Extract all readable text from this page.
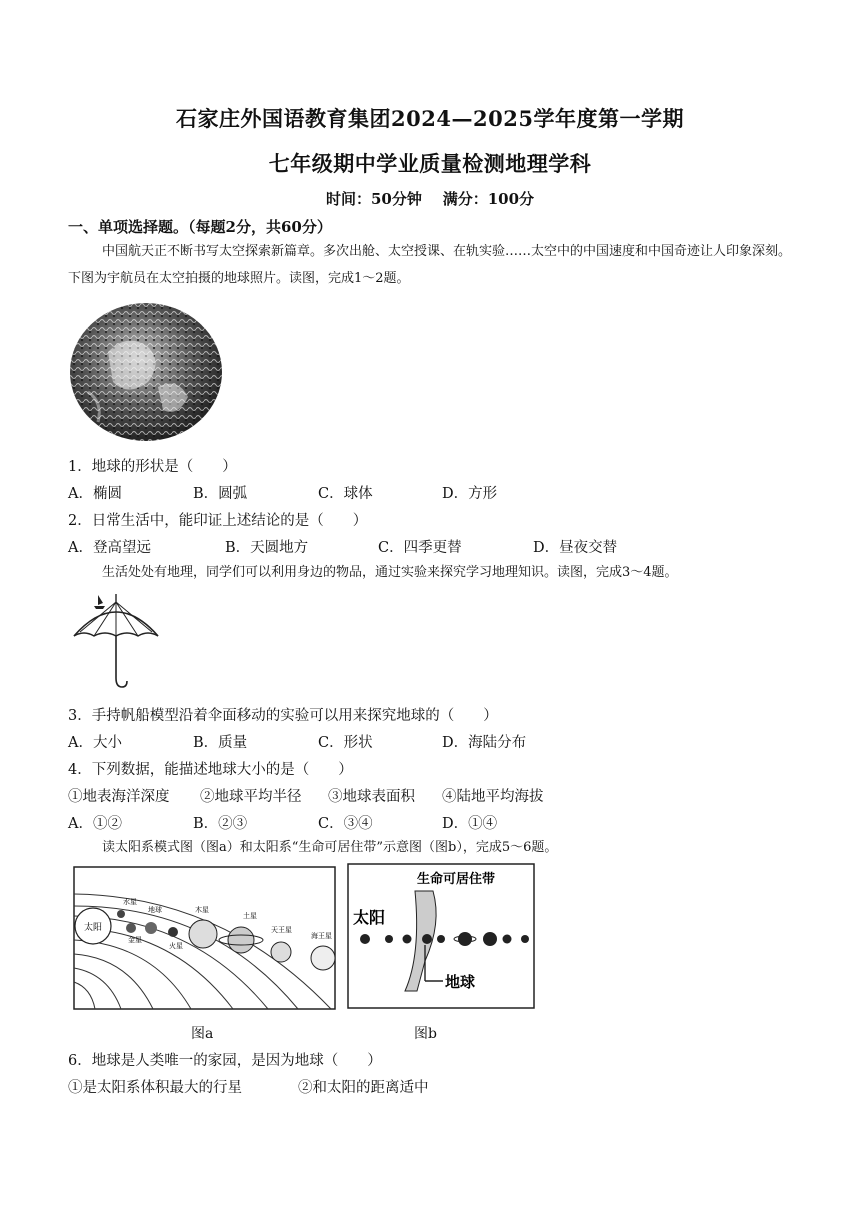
石家庄外国语教育集团2024—2025学年度第一学期
七年级期中学业质量检测地理学科
时间：50分钟    满分：100分
一、单项选择题。（每题2分，共60分）
中国航天正不断书写太空探索新篇章。多次出舱、太空授课、在轨实验……太空中的中国速度和中国奇迹让人印象深刻。下图为宇航员在太空拍摄的地球照片。读图，完成1～2题。
1．地球的形状是（　　）
A．椭圆	B．圆弧	C．球体	D．方形
2．日常生活中，能印证上述结论的是（　　）
A．登高望远	B．天圆地方	C．四季更替	D．昼夜交替
生活处处有地理，同学们可以利用身边的物品，通过实验来探究学习地理知识。读图，完成3～4题。
3．手持帆船模型沿着伞面移动的实验可以用来探究地球的（　　）
A．大小	B．质量	C．形状	D．海陆分布
4．下列数据，能描述地球大小的是（　　）
①地表海洋深度 ②地球平均半径 ③地球表面积 ④陆地平均海拔
A．①②	B．②③	C．③④	D．①④
读太阳系模式图（图a）和太阳系“生命可居住带”示意图（图b），完成5～6题。
太阳
水星
金星
地球
火星
木星
土星
天王星
海王星
生命可居住带
太阳
地球
图a	图b
6．地球是人类唯一的家园，是因为地球（　　）
①是太阳系体积最大的行星	②和太阳的距离适中
